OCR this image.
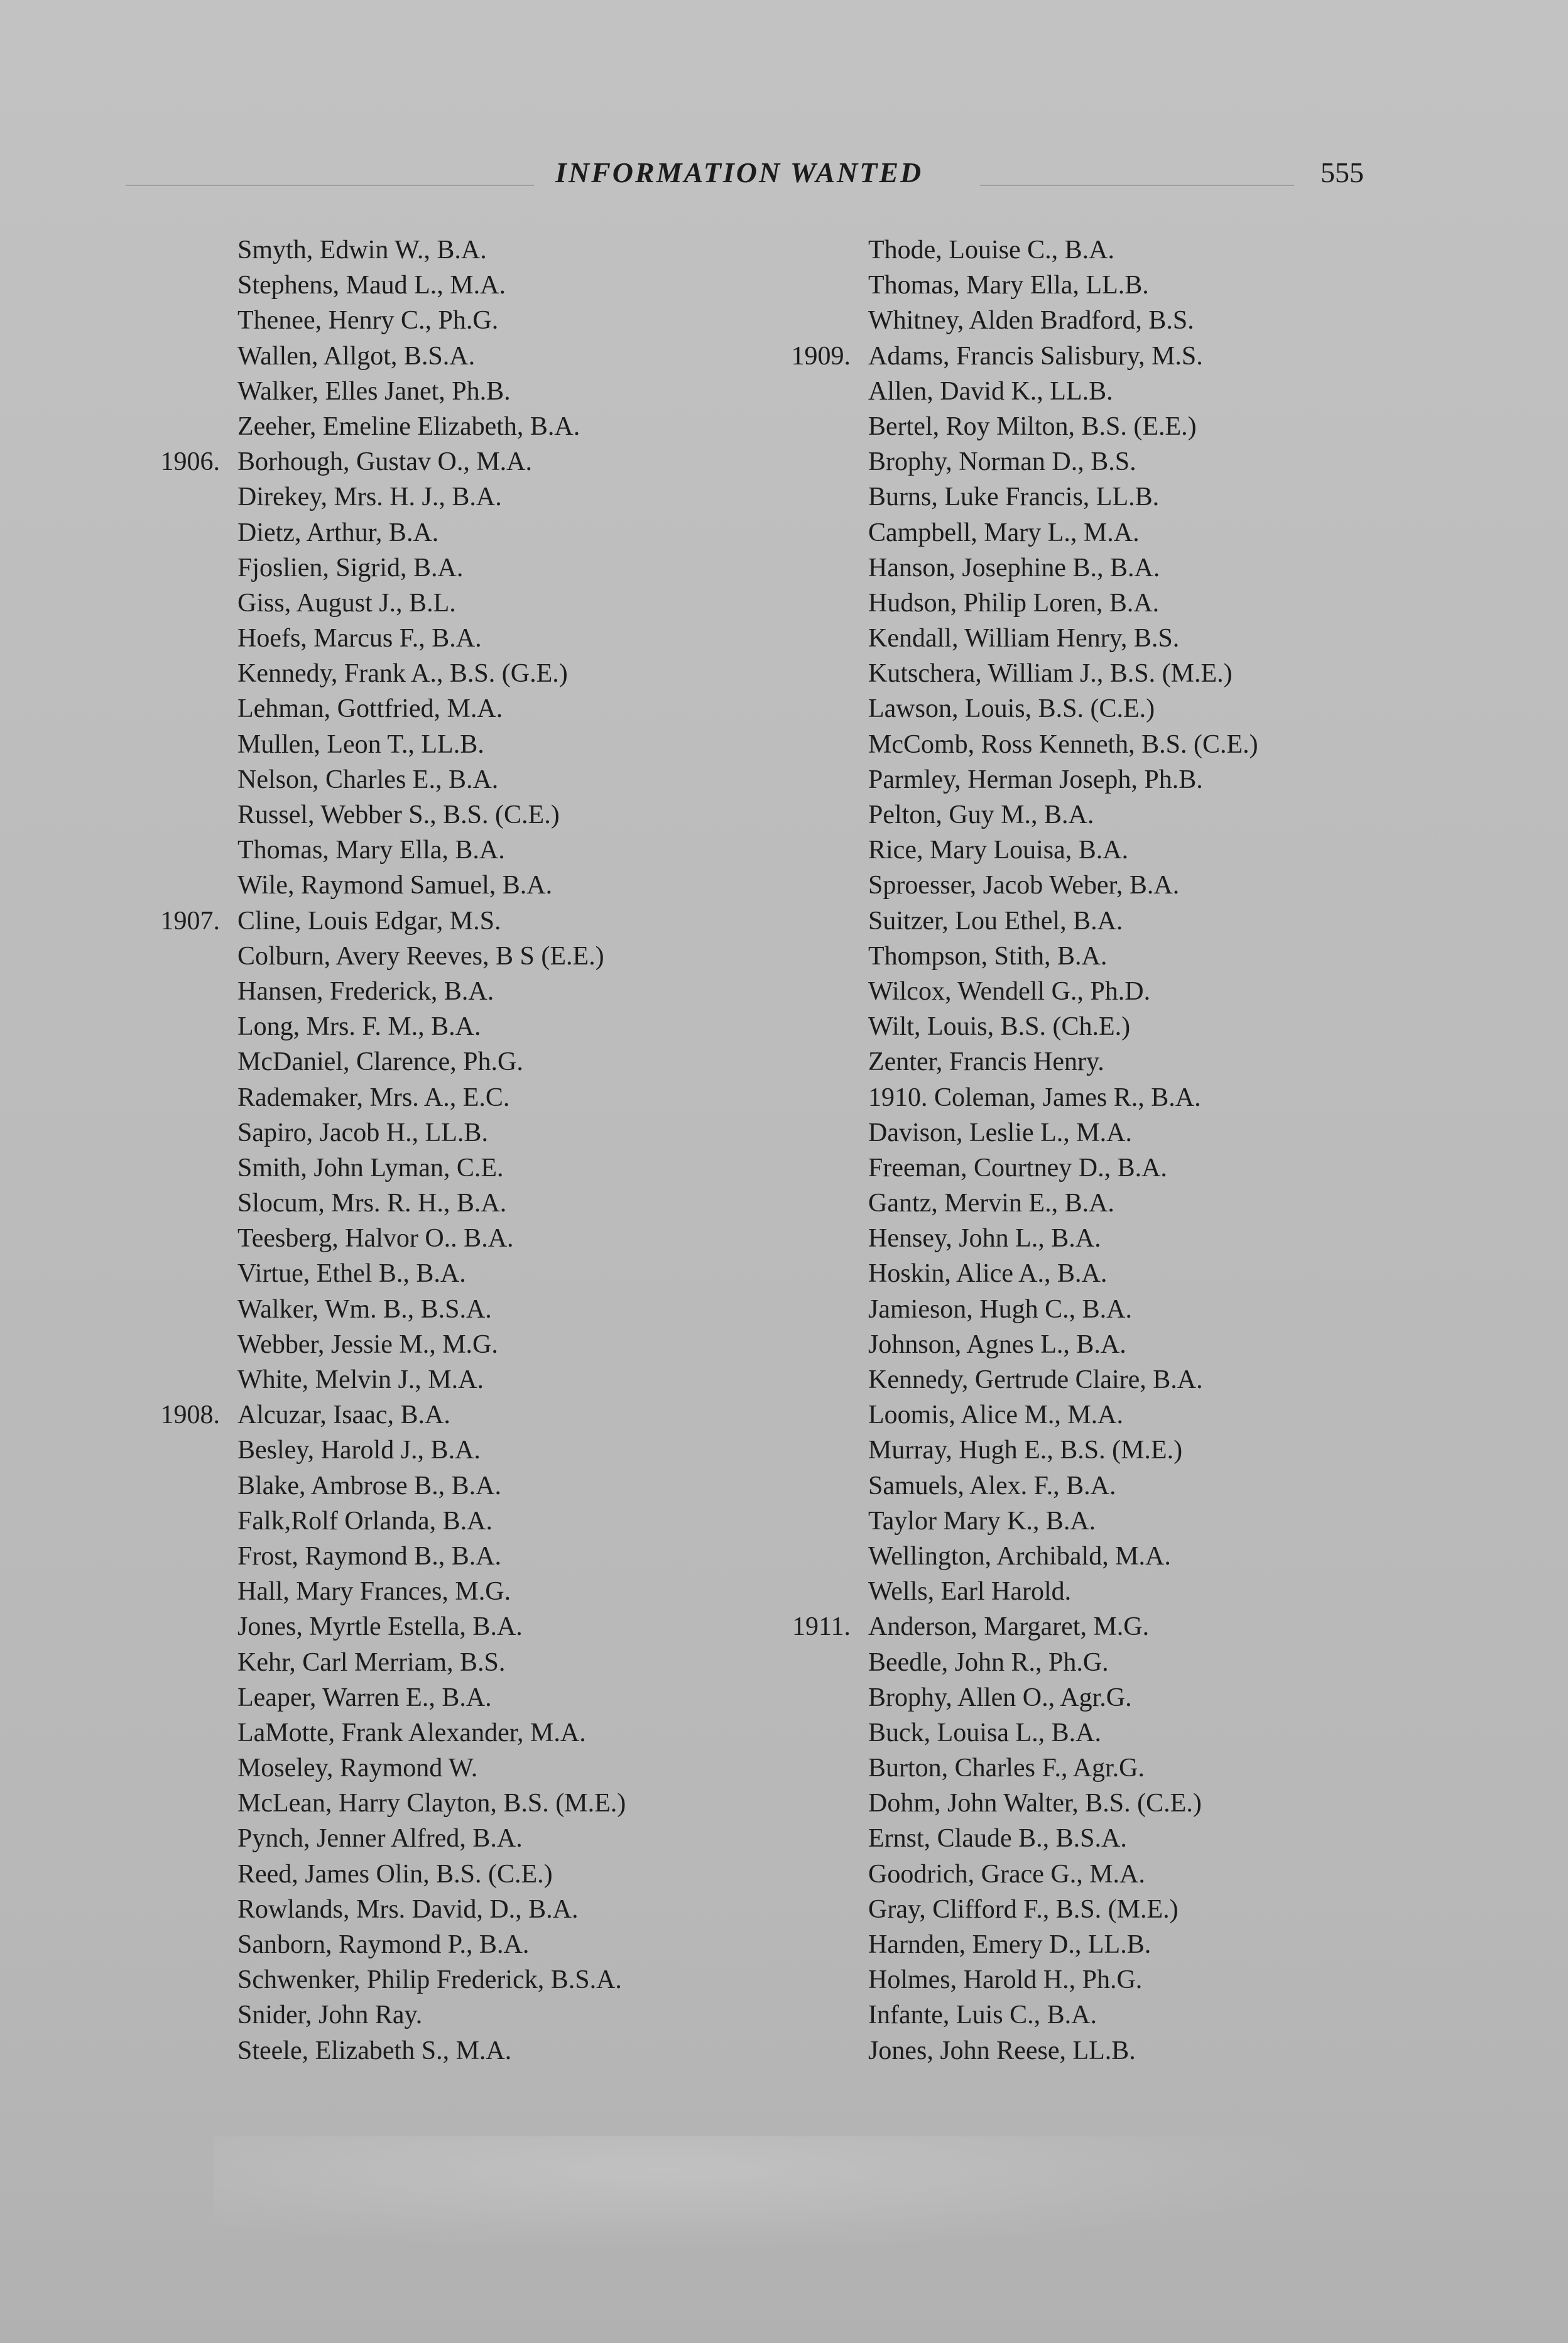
INFORMATION WANTED	555
Smyth, Edwin W., B.A.
Stephens, Maud L., M.A.
Thenee, Henry C., Ph.G.
Wallen, Allgot, B.S.A.
Walker, Elles Janet, Ph.B.
Zeeher, Emeline Elizabeth, B.A.
1906. Borhough, Gustav O., M.A.
Direkey, Mrs. H. J., B.A.
Dietz, Arthur, B.A.
Fjoslien, Sigrid, B.A.
Giss, August J., B.L.
Hoefs, Marcus F., B.A.
Kennedy, Frank A., B.S. (G.E.)
Lehman, Gottfried, M.A.
Mullen, Leon T., LL.B.
Nelson, Charles E., B.A.
Russel, Webber S., B.S. (C.E.)
Thomas, Mary Ella, B.A.
Wile, Raymond Samuel, B.A.
1907. Cline, Louis Edgar, M.S.
Colburn, Avery Reeves, B S (E.E.)
Hansen, Frederick, B.A.
Long, Mrs. F. M., B.A.
McDaniel, Clarence, Ph.G.
Rademaker, Mrs. A., E.C.
Sapiro, Jacob H., LL.B.
Smith, John Lyman, C.E.
Slocum, Mrs. R. H., B.A.
Teesberg, Halvor O.. B.A.
Virtue, Ethel B., B.A.
Walker, Wm. B., B.S.A.
Webber, Jessie M., M.G.
White, Melvin J., M.A.
1908. Alcuzar, Isaac, B.A.
Besley, Harold J., B.A.
Blake, Ambrose B., B.A.
Falk,Rolf Orlanda, B.A.
Frost, Raymond B., B.A.
Hall, Mary Frances, M.G.
Jones, Myrtle Estella, B.A.
Kehr, Carl Merriam, B.S.
Leaper, Warren E., B.A.
LaMotte, Frank Alexander, M.A.
Moseley, Raymond W.
McLean, Harry Clayton, B.S. (M.E.)
Pynch, Jenner Alfred, B.A.
Reed, James Olin, B.S. (C.E.)
Rowlands, Mrs. David, D., B.A.
Sanborn, Raymond P., B.A.
Schwenker, Philip Frederick, B.S.A.
Snider, John Ray.
Steele, Elizabeth S., M.A.
Thode, Louise C., B.A.
Thomas, Mary Ella, LL.B.
Whitney, Alden Bradford, B.S.
1909. Adams, Francis Salisbury, M.S.
Allen, David K., LL.B.
Bertel, Roy Milton, B.S. (E.E.)
Brophy, Norman D., B.S.
Burns, Luke Francis, LL.B.
Campbell, Mary L., M.A.
Hanson, Josephine B., B.A.
Hudson, Philip Loren, B.A.
Kendall, William Henry, B.S.
Kutschera, William J., B.S. (M.E.)
Lawson, Louis, B.S. (C.E.)
McComb, Ross Kenneth, B.S. (C.E.)
Parmley, Herman Joseph, Ph.B.
Pelton, Guy M., B.A.
Rice, Mary Louisa, B.A.
Sproesser, Jacob Weber, B.A.
Suitzer, Lou Ethel, B.A.
Thompson, Stith, B.A.
Wilcox, Wendell G., Ph.D.
Wilt, Louis, B.S. (Ch.E.)
Zenter, Francis Henry.
1910. Coleman, James R., B.A.
Davison, Leslie L., M.A.
Freeman, Courtney D., B.A.
Gantz, Mervin E., B.A.
Hensey, John L., B.A.
Hoskin, Alice A., B.A.
Jamieson, Hugh C., B.A.
Johnson, Agnes L., B.A.
Kennedy, Gertrude Claire, B.A.
Loomis, Alice M., M.A.
Murray, Hugh E., B.S. (M.E.)
Samuels, Alex. F., B.A.
Taylor Mary K., B.A.
Wellington, Archibald, M.A.
Wells, Earl Harold.
1911. Anderson, Margaret, M.G.
Beedle, John R., Ph.G.
Brophy, Allen O., Agr.G.
Buck, Louisa L., B.A.
Burton, Charles F., Agr.G.
Dohm, John Walter, B.S. (C.E.)
Ernst, Claude B., B.S.A.
Goodrich, Grace G., M.A.
Gray, Clifford F., B.S. (M.E.)
Harnden, Emery D., LL.B.
Holmes, Harold H., Ph.G.
Infante, Luis C., B.A.
Jones, John Reese, LL.B.
